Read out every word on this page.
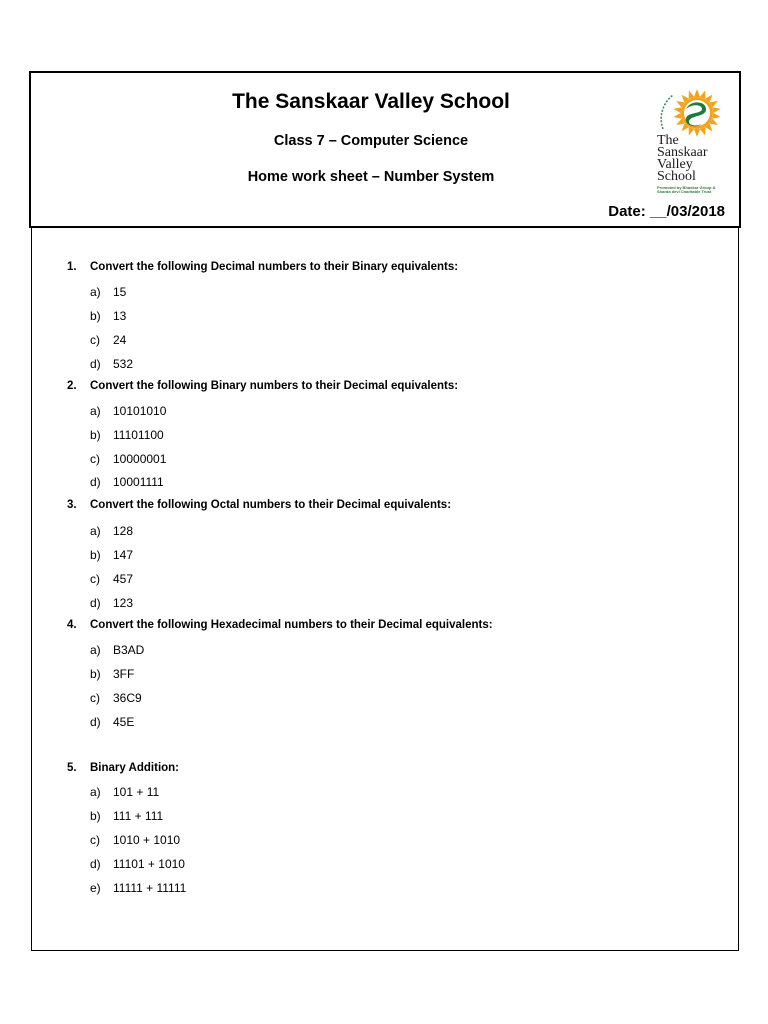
The Sanskaar Valley School
Class 7 – Computer Science
Home work sheet – Number System
Date: __/03/2018
The
Sanskaar
Valley
School
Promoted by Bhaskar Group & Sharda devi Charitable Trust
1. Convert the following Decimal numbers to their Binary equivalents:
a) 15
b) 13
c) 24
d) 532
2. Convert the following Binary numbers to their Decimal equivalents:
a) 10101010
b) 11101100
c) 10000001
d) 10001111
3. Convert the following Octal numbers to their Decimal equivalents:
a) 128
b) 147
c) 457
d) 123
4. Convert the following Hexadecimal numbers to their Decimal equivalents:
a) B3AD
b) 3FF
c) 36C9
d) 45E
5. Binary Addition:
a) 101 + 11
b) 111 + 111
c) 1010 + 1010
d) 11101 + 1010
e) 11111 + 11111
